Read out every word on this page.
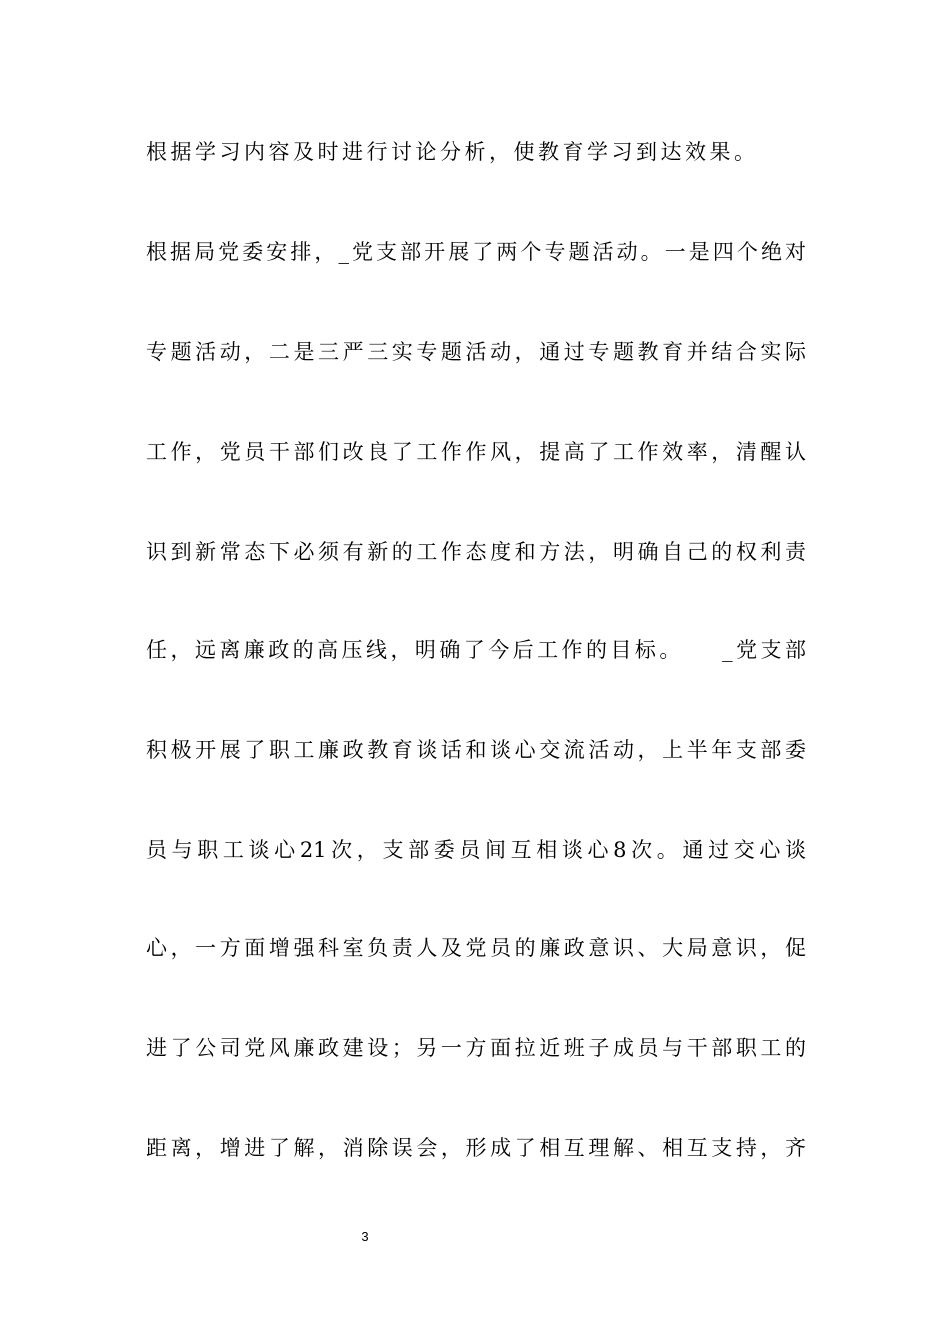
根据学习内容及时进行讨论分析，使教育学习到达效果。
根据局党委安排，_党支部开展了两个专题活动。一是四个绝对
专题活动，二是三严三实专题活动，通过专题教育并结合实际
工作，党员干部们改良了工作作风，提高了工作效率，清醒认
识到新常态下必须有新的工作态度和方法，明确自己的权利责
任，远离廉政的高压线，明确了今后工作的目标。　　_党支部
积极开展了职工廉政教育谈话和谈心交流活动，上半年支部委
员与职工谈心21次，支部委员间互相谈心8次。通过交心谈
心，一方面增强科室负责人及党员的廉政意识、大局意识，促
进了公司党风廉政建设；另一方面拉近班子成员与干部职工的
距离，增进了解，消除误会，形成了相互理解、相互支持，齐
3
